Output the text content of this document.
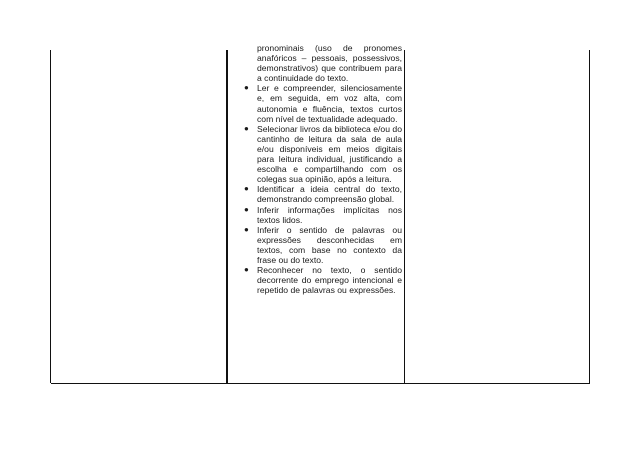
pronominais (uso de pronomes anafóricos – pessoais, possessivos, demonstrativos) que contribuem para a continuidade do texto.

● Ler e compreender, silenciosamente e, em seguida, em voz alta, com autonomia e fluência, textos curtos com nível de textualidade adequado.
● Selecionar livros da biblioteca e/ou do cantinho de leitura da sala de aula e/ou disponíveis em meios digitais para leitura individual, justificando a escolha e compartilhando com os colegas sua opinião, após a leitura.
● Identificar a ideia central do texto, demonstrando compreensão global.
● Inferir informações implícitas nos textos lidos.
● Inferir o sentido de palavras ou expressões desconhecidas em textos, com base no contexto da frase ou do texto.
● Reconhecer no texto, o sentido decorrente do emprego intencional e repetido de palavras ou expressões.
